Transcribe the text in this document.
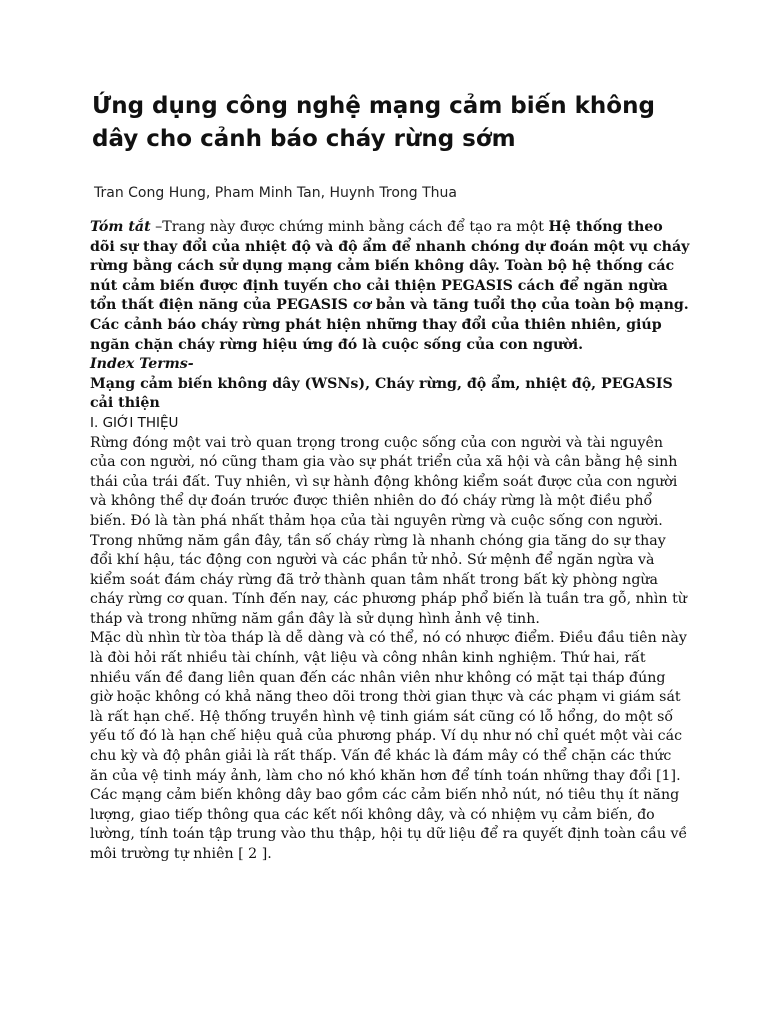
Ứng dụng công nghệ mạng cảm biến không dây cho cảnh báo cháy rừng sớm

Tran Cong Hung, Pham Minh Tan, Huynh Trong Thua

Tóm tắt –Trang này được chứng minh bằng cách để tạo ra một Hệ thống theo dõi sự thay đổi của nhiệt độ và độ ẩm để nhanh chóng dự đoán một vụ cháy rừng bằng cách sử dụng mạng cảm biến không dây. Toàn bộ hệ thống các nút cảm biến được định tuyến cho cải thiện PEGASIS cách để ngăn ngừa tổn thất điện năng của PEGASIS cơ bản và tăng tuổi thọ của toàn bộ mạng. Các cảnh báo cháy rừng phát hiện những thay đổi của thiên nhiên, giúp ngăn chặn cháy rừng hiệu ứng đó là cuộc sống của con người.

Index Terms-

Mạng cảm biến không dây (WSNs), Cháy rừng, độ ẩm, nhiệt độ, PEGASIS cải thiện

I. GIỚI THIỆU

Rừng đóng một vai trò quan trọng trong cuộc sống của con người và tài nguyên của con người, nó cũng tham gia vào sự phát triển của xã hội và cân bằng hệ sinh thái của trái đất. Tuy nhiên, vì sự hành động không kiểm soát được của con người và không thể dự đoán trước được thiên nhiên do đó cháy rừng là một điều phổ biến. Đó là tàn phá nhất thảm họa của tài nguyên rừng và cuộc sống con người.

Trong những năm gần đây, tần số cháy rừng là nhanh chóng gia tăng do sự thay đổi khí hậu, tác động con người và các phần tử nhỏ. Sứ mệnh để ngăn ngừa và kiểm soát đám cháy rừng đã trở thành quan tâm nhất trong bất kỳ phòng ngừa cháy rừng cơ quan. Tính đến nay, các phương pháp phổ biến là tuần tra gỗ, nhìn từ tháp và trong những năm gần đây là sử dụng hình ảnh vệ tinh.

Mặc dù nhìn từ tòa tháp là dễ dàng và có thể, nó có nhược điểm. Điều đầu tiên này là đòi hỏi rất nhiều tài chính, vật liệu và công nhân kinh nghiệm. Thứ hai, rất nhiều vấn đề đang liên quan đến các nhân viên như không có mặt tại tháp đúng giờ hoặc không có khả năng theo dõi trong thời gian thực và các phạm vi giám sát là rất hạn chế. Hệ thống truyền hình vệ tinh giám sát cũng có lỗ hổng, do một số yếu tố đó là hạn chế hiệu quả của phương pháp. Ví dụ như nó chỉ quét một vài các chu kỳ và độ phân giải là rất thấp. Vấn đề khác là đám mây có thể chặn các thức ăn của vệ tinh máy ảnh, làm cho nó khó khăn hơn để tính toán những thay đổi [1].

Các mạng cảm biến không dây bao gồm các cảm biến nhỏ nút, nó tiêu thụ ít năng lượng, giao tiếp thông qua các kết nối không dây, và có nhiệm vụ cảm biến, đo lường, tính toán tập trung vào thu thập, hội tụ dữ liệu để ra quyết định toàn cầu về môi trường tự nhiên [ 2 ].
